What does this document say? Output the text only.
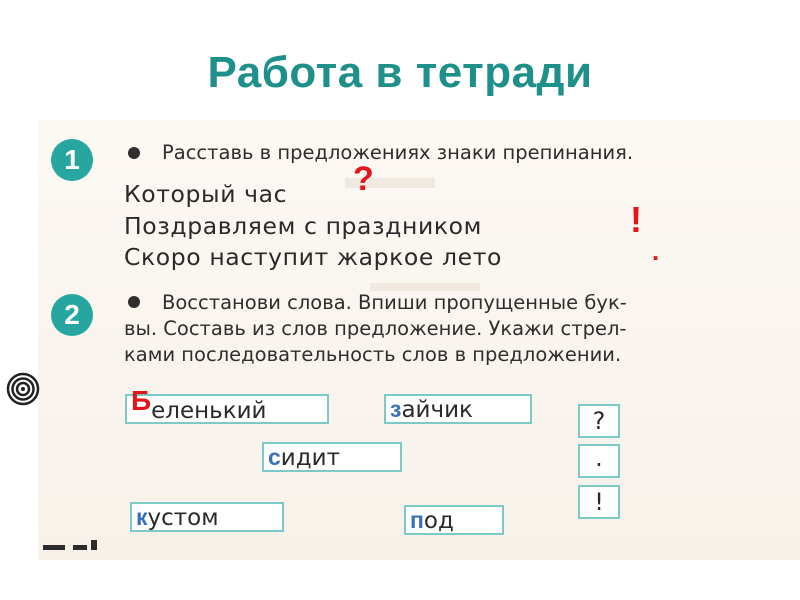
Работа в тетради
1	Расставь в предложениях знаки препинания.
Который час ?
Поздравляем с праздником	!
Скоро наступит жаркое лето	.
2	Восстанови слова. Впиши пропущенные бук-
вы. Составь из слов предложение. Укажи стрел-
ками последовательность слов в предложении.
Беленький	зайчик
сидит
кустом	под
?
.
!
